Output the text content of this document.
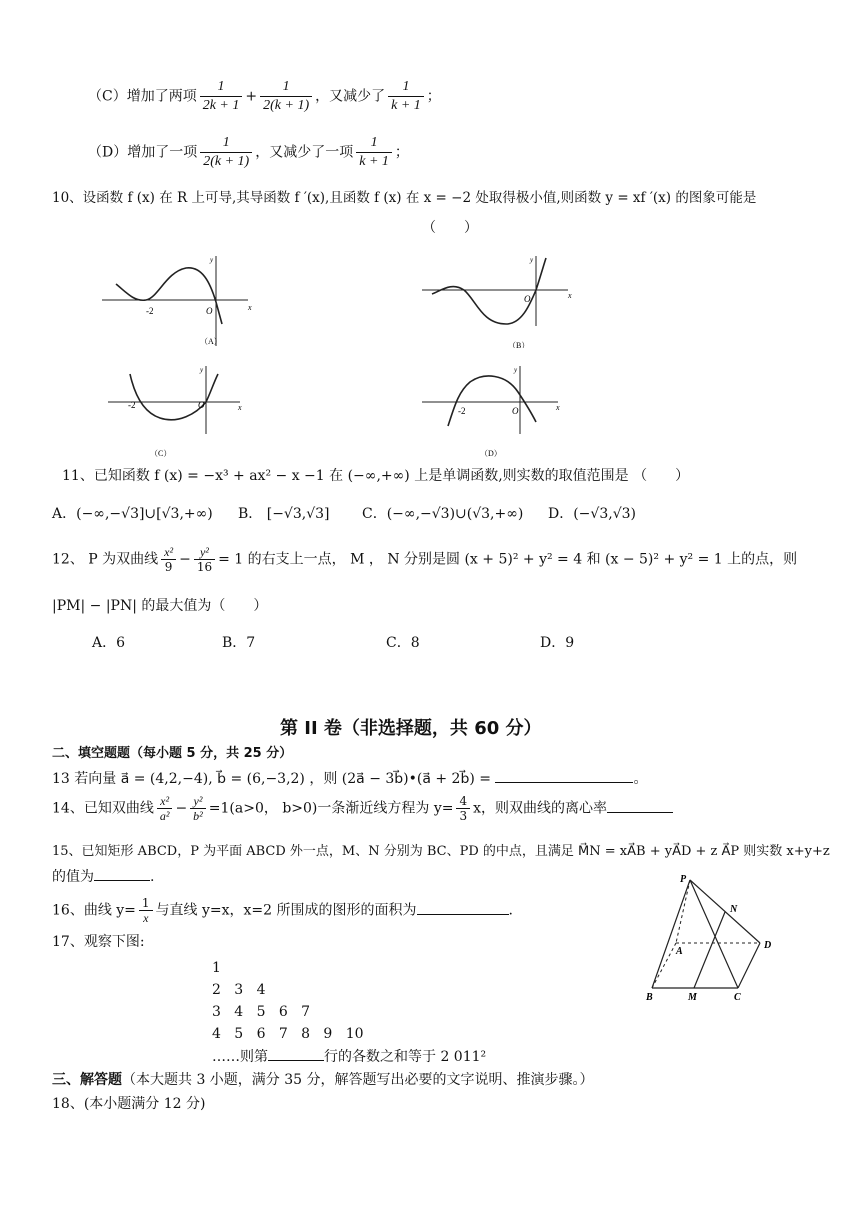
（C）增加了两项 $\frac{1}{2k + 1} + \frac{1}{2(k + 1)}$ ，又减少了 $\frac{1}{k + 1}$ ；
（D）增加了一项 $\frac{1}{2(k + 1)}$ ，又减少了一项 $\frac{1}{k + 1}$ ；
10、设函数 f (x) 在 R 上可导,其导函数 f ′(x),且函数 f (x) 在 x = −2 处取得极小值,则函数 y = xf ′(x) 的图象可能是
（　　）
-2	O	x
y
（A）
O	x
y
（B）
-2	O	x
y
（C）
-2	O	x
y
（D）
11、已知函数 f (x) = −x³ + ax² − x −1 在 (−∞,+∞) 上是单调函数,则实数的取值范围是 （　　）
A．(−∞,−√3]∪[√3,+∞) B． [−√3,√3] C．(−∞,−√3)∪(√3,+∞) D．(−√3,√3)
12、 P 为双曲线 $\frac{\text{x²}}{9} - \frac{\text{y²}}{16} = 1$ 的右支上一点， M ， N 分别是圆 (x + 5)² + y² = 4 和 (x − 5)² + y² = 1 上的点，则
|PM| − |PN| 的最大值为（　　）
A．6	B．7	C．8	D．9
第 II 卷（非选择题，共 60 分）
二、填空题题（每小题 5 分，共 25 分）
13 若向量 a⃗ = (4,2,−4), b⃗ = (6,−3,2) ，则 (2a⃗ − 3b⃗)•(a⃗ + 2b⃗) =	。
14、已知双曲线 $\frac{\text{x²}}{\text{a²}} - \frac{\text{y²}}{\text{b²}} =1(a>0$， b>0)一条渐近线方程为 $y= \frac{4}{3}$ x，则双曲线的离心率
15、已知矩形 ABCD，P 为平面 ABCD 外一点，M、N 分别为 BC、PD 的中点，且满足 M⃗N = xA⃗B + yA⃗D + z A⃗P 则实数 x+y+z
的值为	.
16、曲线 $y= \frac{1}{x}$ 与直线 y=x，x=2 所围成的图形的面积为	.
17、观察下图:
1
2 3 4
3 4 5 6 7
4 5 6 7 8 9 10
……则第	行的各数之和等于 2 011²
三、解答题（本大题共 3 小题，满分 35 分，解答题写出必要的文字说明、推演步骤。）
18、(本小题满分 12 分)
P
N
A
D
B	M	C
